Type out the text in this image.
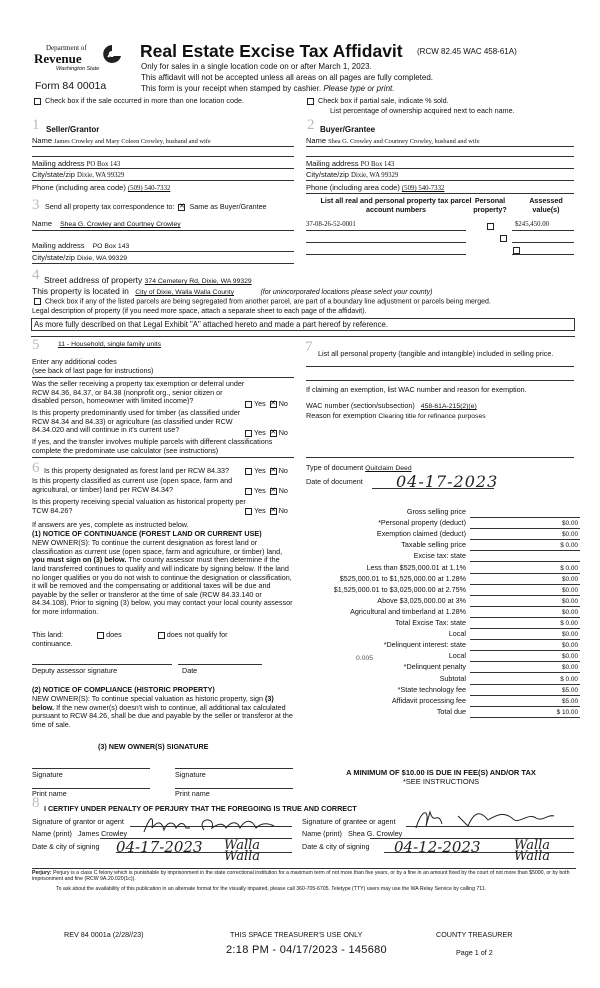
Department of
Revenue
Washington State
Form 84 0001a
Real Estate Excise Tax Affidavit (RCW 82.45 WAC 458-61A)
Only for sales in a single location code on or after March 1, 2023.
This affidavit will not be accepted unless all areas on all pages are fully completed.
This form is your receipt when stamped by cashier. Please type or print.
Check box if the sale occurred in more than one location code.	Check box if partial sale, indicate % sold.
List percentage of ownership acquired next to each name.
1 Seller/Grantor
Name James Crowley and Mary Coleen Crowley, husband and wife
Mailing address PO Box 143
City/state/zip Dixie, WA 99329
Phone (including area code) (509) 540-7332
2 Buyer/Grantee
Name Shea G. Crowley and Courtney Crowley, husband and wife
Mailing address PO Box 143
City/state/zip Dixie, WA 99329
Phone (including area code) (509) 540-7332
3 Send all property tax correspondence to: ✕ Same as Buyer/Grantee
Name Shea G. Crowley and Courtney Crowley
Mailing address PO Box 143
City/state/zip Dixie, WA 99329
List all real and personal property tax parcel account numbers
Personal property?
Assessed value(s)
37-08-26-52-0001	$245,450.00

4 Street address of property 374 Cemetery Rd, Dixie, WA 99329
This property is located in City of Dixie, Walla Walla County	(for unincorporated locations please select your county)
Check box if any of the listed parcels are being segregated from another parcel, are part of a boundary line adjustment or parcels being merged.
Legal description of property (if you need more space, attach a separate sheet to each page of the affidavit).
As more fully described on that Legal Exhibit "A" attached hereto and made a part hereof by reference.
5	11 - Household, single family units
Enter any additional codes
(see back of last page for instructions)
Was the seller receiving a property tax exemption or deferral under RCW 84.36, 84.37, or 84.38 (nonprofit org., senior citizen or disabled person, homeowner with limited income)?	Yes ✕ No
Is this property predominantly used for timber (as classified under RCW 84.34 and 84.33) or agriculture (as classified under RCW 84.34.020 and will continue in it's current use?	Yes ✕ No
If yes, and the transfer involves multiple parcels with different classifications complete the predominate use calculator (see instructions)
7 List all personal property (tangible and intangible) included in selling price.
If claiming an exemption, list WAC number and reason for exemption.
WAC number (section/subsection) 458-61A-215(2)(e)
Reason for exemption Clearing title for refinance purposes
Type of document Quitclaim Deed
Date of document 04-17-2023
6 Is this property designated as forest land per RCW 84.33?	Yes ✕ No
Is this property classified as current use (open space, farm and agricultural, or timber) land per RCW 84.34?	Yes ✕ No
Is this property receiving special valuation as historical property per TCW 84.26?	Yes ✕ No
If answers are yes, complete as instructed below.
(1) NOTICE OF CONTINUANCE (FOREST LAND OR CURRENT USE)
NEW OWNER(S): To continue the current designation as forest land or classification as current use (open space, farm and agriculture, or timber) land, you must sign on (3) below. The county assessor must then determine if the land transferred continues to qualify and will indicate by signing below. If the land no longer qualifies or you do not wish to continue the designation or classification, it will be removed and the compensating or additional taxes will be due and payable by the seller or transferor at the time of sale (RCW 84.33.140 or 84.34.108). Prior to signing (3) below, you may contact your local county assessor for more information.
This land:	does	does not qualify for
continuance.
Deputy assessor signature	Date
(2) NOTICE OF COMPLIANCE (HISTORIC PROPERTY)
NEW OWNER(S): To continue special valuation as historic property, sign (3) below. If the new owner(s) doesn't wish to continue, all additional tax calculated pursuant to RCW 84.26, shall be due and payable by the seller or transferor at the time of sale.
(3) NEW OWNER(S) SIGNATURE
Signature	Signature
Print name	Print name
Gross selling price
*Personal property (deduct)	$0.00
Exemption claimed (deduct)	$0.00
Taxable selling price	$ 0.00
Excise tax: state
Less than $525,000.01 at 1.1%	$ 0.00
$525,000.01 to $1,525,000.00 at 1.28%	$0.00
$1,525,000.01 to $3,025,000.00 at 2.75%	$0.00
Above $3,025,000.00 at 3%	$0.00
Agricultural and timberland at 1.28%	$0.00
Total Excise Tax: state	$ 0.00
Local	$0.00
*Delinquent interest: state	$0.00
Local	$0.00
*Delinquent penalty	$0.00
Subtotal	$ 0.00
*State technology fee	$5.00
Affidavit processing fee	$5.00
Total due	$ 10.00
0.005
A MINIMUM OF $10.00 IS DUE IN FEE(S) AND/OR TAX
*SEE INSTRUCTIONS
8 I CERTIFY UNDER PENALTY OF PERJURY THAT THE FOREGOING IS TRUE AND CORRECT
Signature of grantor or agent
Name (print) James Crowley
Date & city of signing 04-17-2023 Walla Walla
Signature of grantee or agent
Name (print) Shea G. Crowley
Date & city of signing 04-12-2023	Walla Walla
Perjury: Perjury is a class C felony which is punishable by imprisonment in the state correctional institution for a maximum term of not more than five years, or by a fine in an amount fixed by the court of not more than $5000, or by both imprisonment and fine (RCW 9A.20.020(1c)).
To ask about the availability of this publication in an alternate format for the visually impaired, please call 360-705-6705. Teletype (TTY) users may use the WA Relay Service by calling 711.
REV 84 0001a (2/28//23)	THIS SPACE TREASURER'S USE ONLY	COUNTY TREASURER
2:18 PM - 04/17/2023 - 145680	Page 1 of 2
